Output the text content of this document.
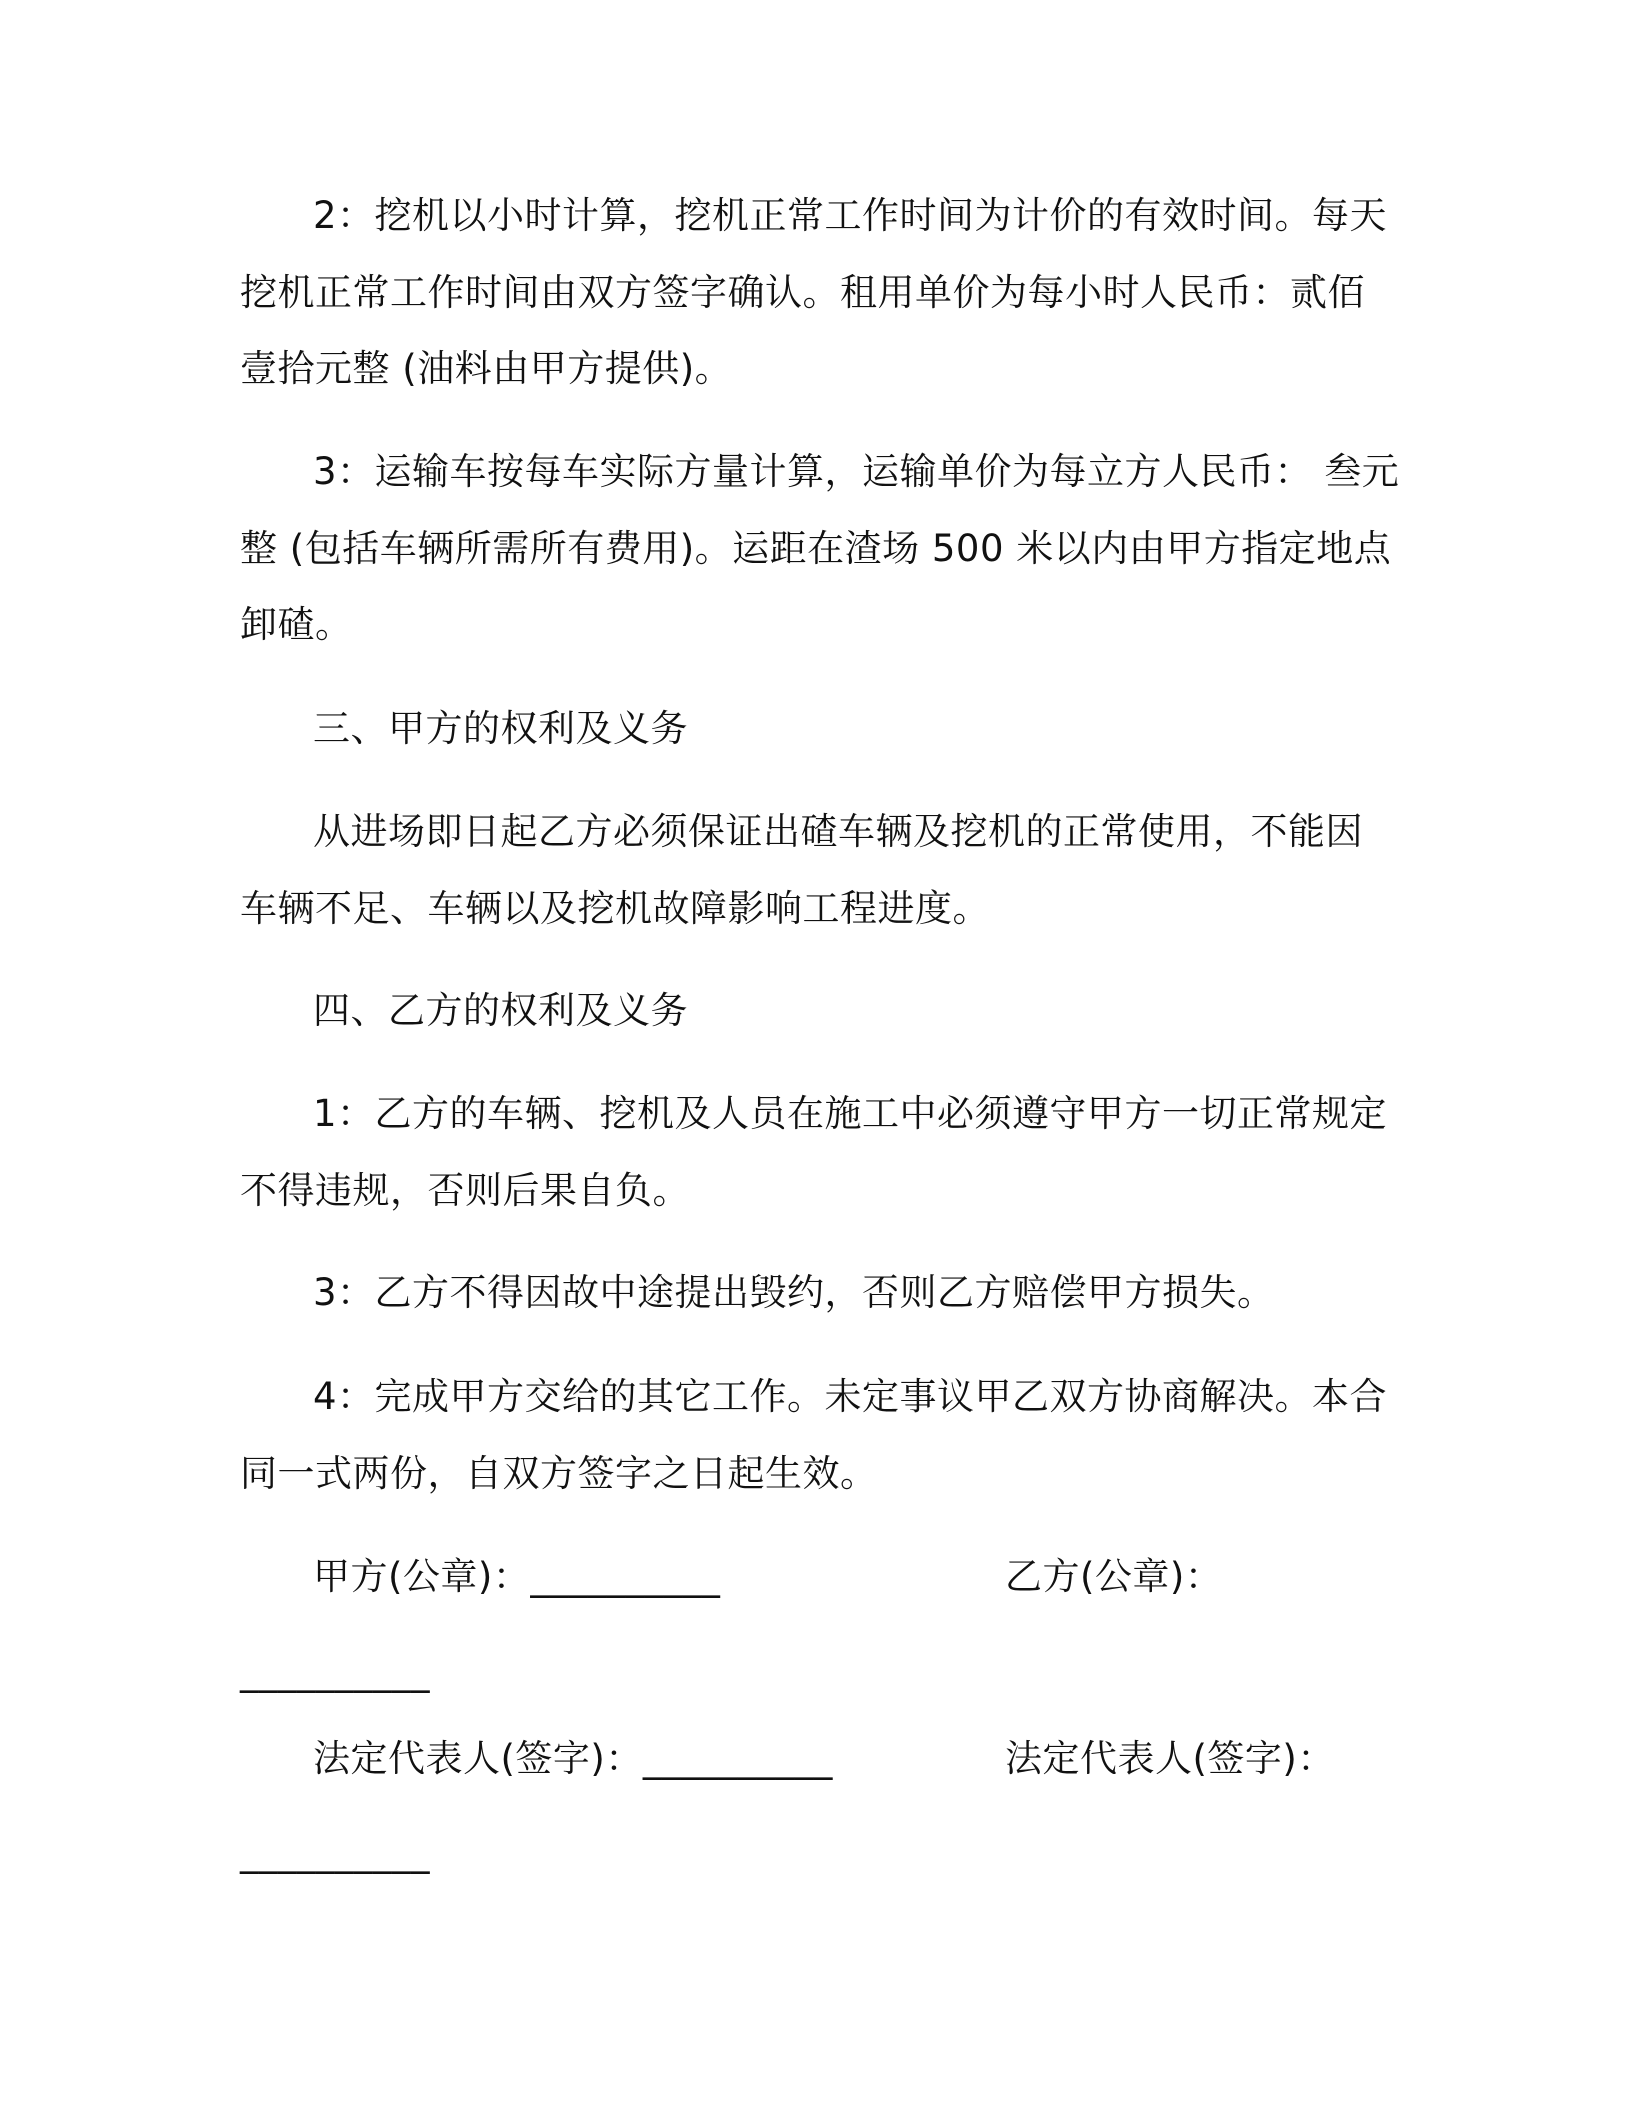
2：挖机以小时计算，挖机正常工作时间为计价的有效时间。每天
挖机正常工作时间由双方签字确认。租用单价为每小时人民币：贰佰
壹拾元整 (油料由甲方提供)。
3：运输车按每车实际方量计算，运输单价为每立方人民币： 叁元
整 (包括车辆所需所有费用)。运距在渣场 500 米以内由甲方指定地点
卸碴。
三、甲方的权利及义务
从进场即日起乙方必须保证出碴车辆及挖机的正常使用，不能因
车辆不足、车辆以及挖机故障影响工程进度。
四、乙方的权利及义务
1：乙方的车辆、挖机及人员在施工中必须遵守甲方一切正常规定
不得违规，否则后果自负。
3：乙方不得因故中途提出毁约，否则乙方赔偿甲方损失。
4：完成甲方交给的其它工作。未定事议甲乙双方协商解决。本合
同一式两份，自双方签字之日起生效。
甲方(公章)：__________	乙方(公章)：
__________
法定代表人(签字)：__________	法定代表人(签字)：
__________
